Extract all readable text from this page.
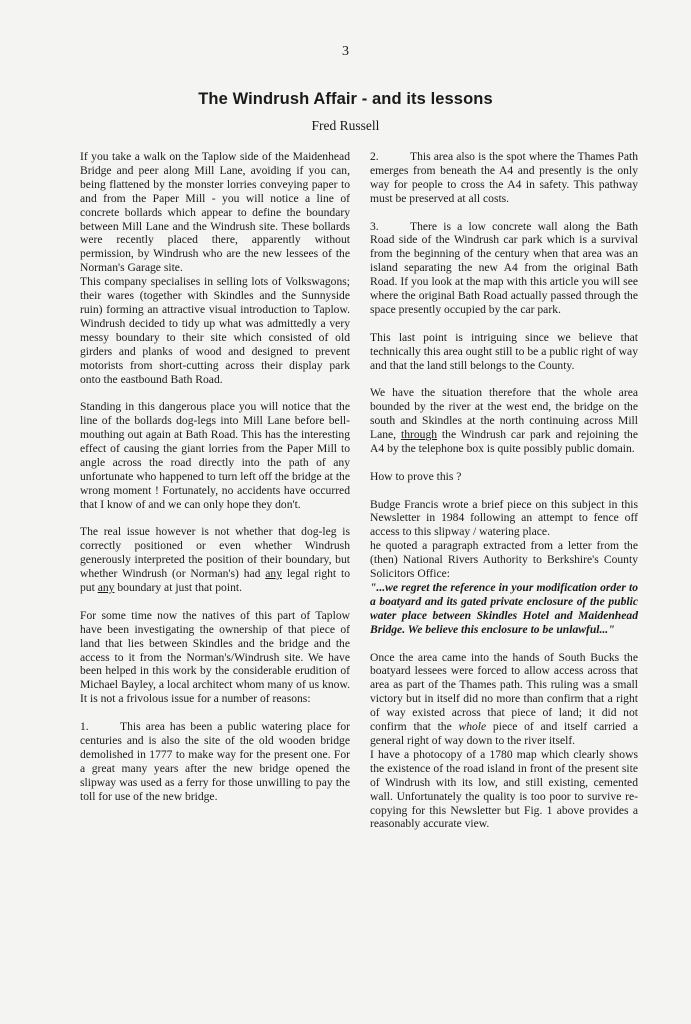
3
The Windrush Affair - and its lessons
Fred Russell

If you take a walk on the Taplow side of the Maidenhead Bridge and peer along Mill Lane, avoiding if you can, being flattened by the monster lorries conveying paper to and from the Paper Mill - you will notice a line of concrete bollards which appear to define the boundary between Mill Lane and the Windrush site. These bollards were recently placed there, apparently without permission, by Windrush who are the new lessees of the Norman's Garage site.

This company specialises in selling lots of Volkswagons; their wares (together with Skindles and the Sunnyside ruin) forming an attractive visual introduction to Taplow. Windrush decided to tidy up what was admittedly a very messy boundary to their site which consisted of old girders and planks of wood and designed to prevent motorists from short-cutting across their display park onto the eastbound Bath Road.

Standing in this dangerous place you will notice that the line of the bollards dog-legs into Mill Lane before bell-mouthing out again at Bath Road. This has the interesting effect of causing the giant lorries from the Paper Mill to angle across the road directly into the path of any unfortunate who happened to turn left off the bridge at the wrong moment ! Fortunately, no accidents have occurred that I know of and we can only hope they don't.

The real issue however is not whether that dog-leg is correctly positioned or even whether Windrush generously interpreted the position of their boundary, but whether Windrush (or Norman's) had any legal right to put any boundary at just that point.

For some time now the natives of this part of Taplow have been investigating the ownership of that piece of land that lies between Skindles and the bridge and the access to it from the Norman's/Windrush site. We have been helped in this work by the considerable erudition of Michael Bayley, a local architect whom many of us know. It is not a frivolous issue for a number of reasons:

1.	This area has been a public watering place for centuries and is also the site of the old wooden bridge demolished in 1777 to make way for the present one. For a great many years after the new bridge opened the slipway was used as a ferry for those unwilling to pay the toll for use of the new bridge.

2.	This area also is the spot where the Thames Path emerges from beneath the A4 and presently is the only way for people to cross the A4 in safety. This pathway must be preserved at all costs.

3.	There is a low concrete wall along the Bath Road side of the Windrush car park which is a survival from the beginning of the century when that area was an island separating the new A4 from the original Bath Road. If you look at the map with this article you will see where the original Bath Road actually passed through the space presently occupied by the car park.

This last point is intriguing since we believe that technically this area ought still to be a public right of way and that the land still belongs to the County.

We have the situation therefore that the whole area bounded by the river at the west end, the bridge on the south and Skindles at the north continuing across Mill Lane, through the Windrush car park and rejoining the A4 by the telephone box is quite possibly public domain.

How to prove this ?

Budge Francis wrote a brief piece on this subject in this Newsletter in 1984 following an attempt to fence off access to this slipway / watering place.

he quoted a paragraph extracted from a letter from the (then) National Rivers Authority to Berkshire's County Solicitors Office:

"...we regret the reference in your modification order to a boatyard and its gated private enclosure of the public water place between Skindles Hotel and Maidenhead Bridge. We believe this enclosure to be unlawful..."

Once the area came into the hands of South Bucks the boatyard lessees were forced to allow access across that area as part of the Thames path. This ruling was a small victory but in itself did no more than confirm that a right of way existed across that piece of land; it did not confirm that the whole piece of and itself carried a general right of way down to the river itself.

I have a photocopy of a 1780 map which clearly shows the existence of the road island in front of the present site of Windrush with its low, and still existing, cemented wall. Unfortunately the quality is too poor to survive re-copying for this Newsletter but Fig. 1 above provides a reasonably accurate view.
